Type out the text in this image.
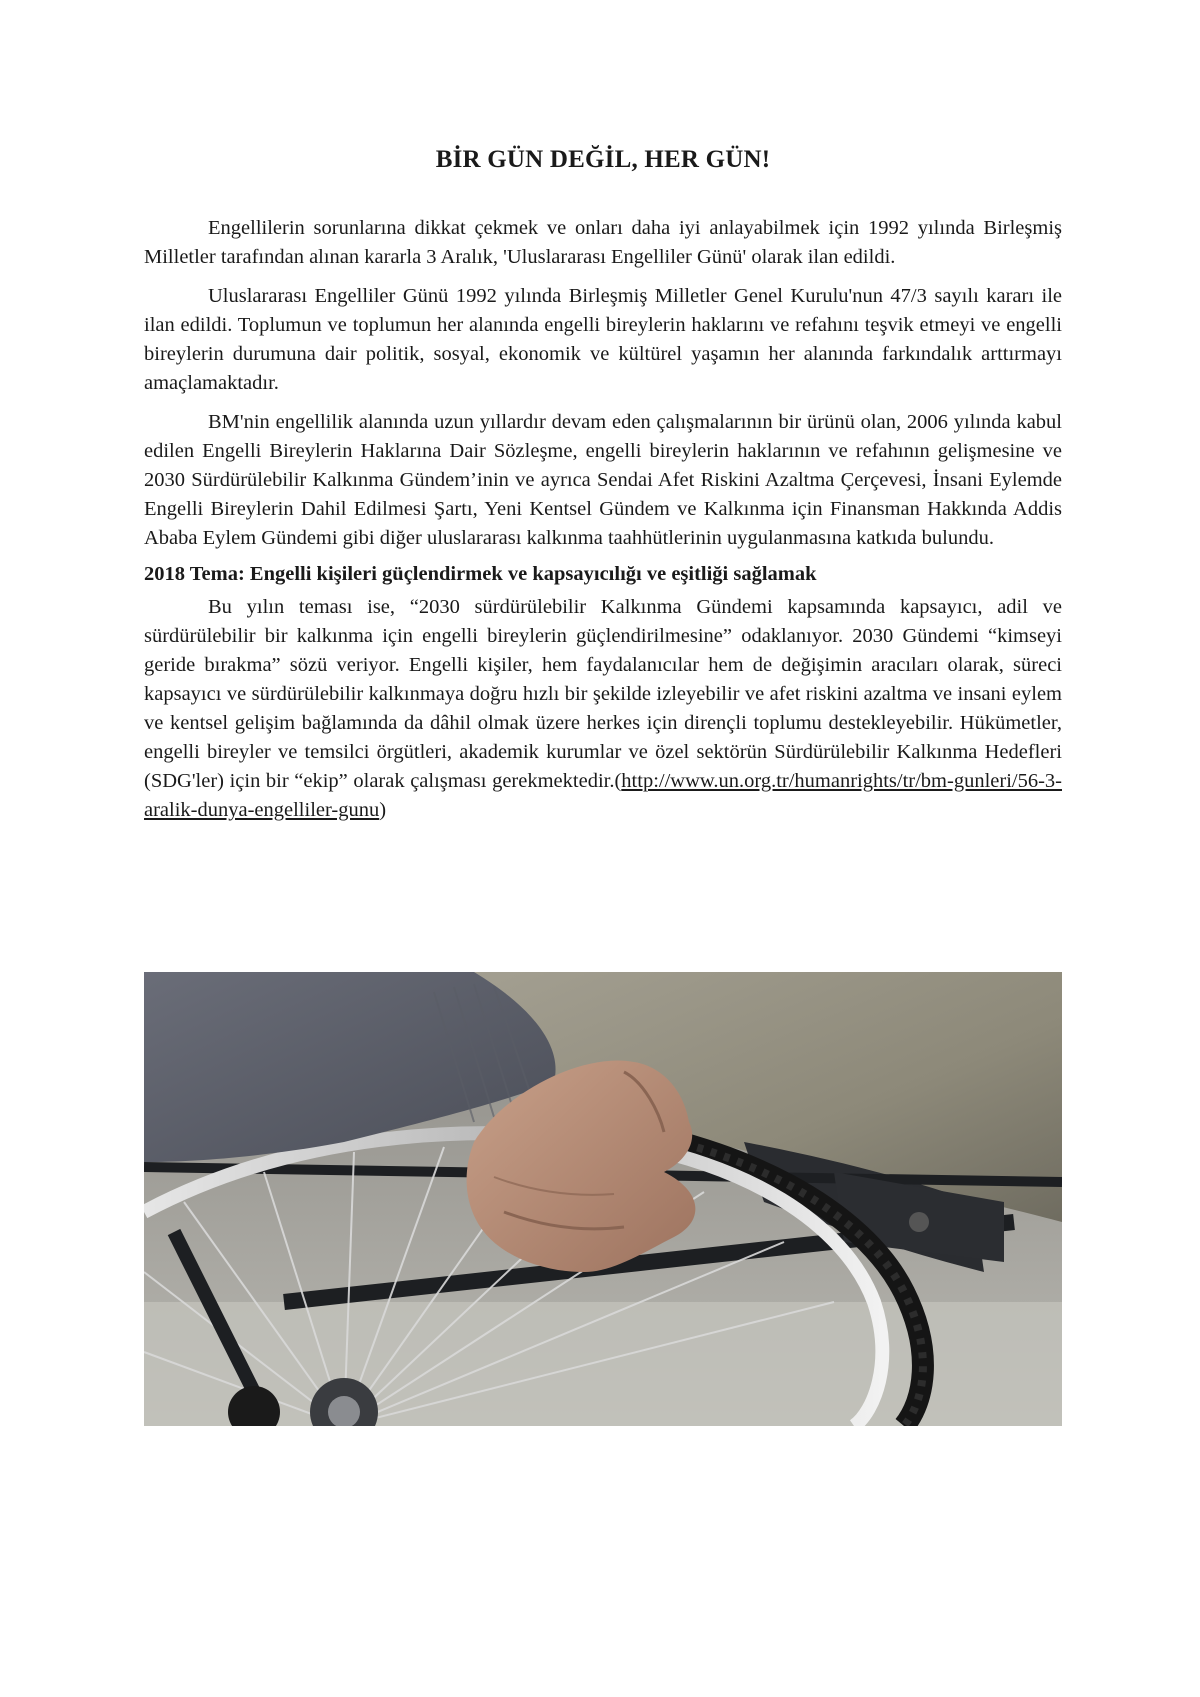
BİR GÜN DEĞİL, HER GÜN!

Engellilerin sorunlarına dikkat çekmek ve onları daha iyi anlayabilmek için 1992 yılında Birleşmiş Milletler tarafından alınan kararla 3 Aralık, 'Uluslararası Engelliler Günü' olarak ilan edildi.

Uluslararası Engelliler Günü 1992 yılında Birleşmiş Milletler Genel Kurulu'nun 47/3 sayılı kararı ile ilan edildi. Toplumun ve toplumun her alanında engelli bireylerin haklarını ve refahını teşvik etmeyi ve engelli bireylerin durumuna dair politik, sosyal, ekonomik ve kültürel yaşamın her alanında farkındalık arttırmayı amaçlamaktadır.

BM'nin engellilik alanında uzun yıllardır devam eden çalışmalarının bir ürünü olan, 2006 yılında kabul edilen Engelli Bireylerin Haklarına Dair Sözleşme, engelli bireylerin haklarının ve refahının gelişmesine ve 2030 Sürdürülebilir Kalkınma Gündem’inin ve ayrıca Sendai Afet Riskini Azaltma Çerçevesi, İnsani Eylemde Engelli Bireylerin Dahil Edilmesi Şartı, Yeni Kentsel Gündem ve Kalkınma için Finansman Hakkında Addis Ababa Eylem Gündemi gibi diğer uluslararası kalkınma taahhütlerinin uygulanmasına katkıda bulundu.

2018 Tema: Engelli kişileri güçlendirmek ve kapsayıcılığı ve eşitliği sağlamak

Bu yılın teması ise, “2030 sürdürülebilir Kalkınma Gündemi kapsamında kapsayıcı, adil ve sürdürülebilir bir kalkınma için engelli bireylerin güçlendirilmesine” odaklanıyor. 2030 Gündemi “kimseyi geride bırakma” sözü veriyor. Engelli kişiler, hem faydalanıcılar hem de değişimin aracıları olarak, süreci kapsayıcı ve sürdürülebilir kalkınmaya doğru hızlı bir şekilde izleyebilir ve afet riskini azaltma ve insani eylem ve kentsel gelişim bağlamında da dâhil olmak üzere herkes için dirençli toplumu destekleyebilir. Hükümetler, engelli bireyler ve temsilci örgütleri, akademik kurumlar ve özel sektörün Sürdürülebilir Kalkınma Hedefleri (SDG'ler) için bir “ekip” olarak çalışması gerekmektedir.(http://www.un.org.tr/humanrights/tr/bm-gunleri/56-3-aralik-dunya-engelliler-gunu)
